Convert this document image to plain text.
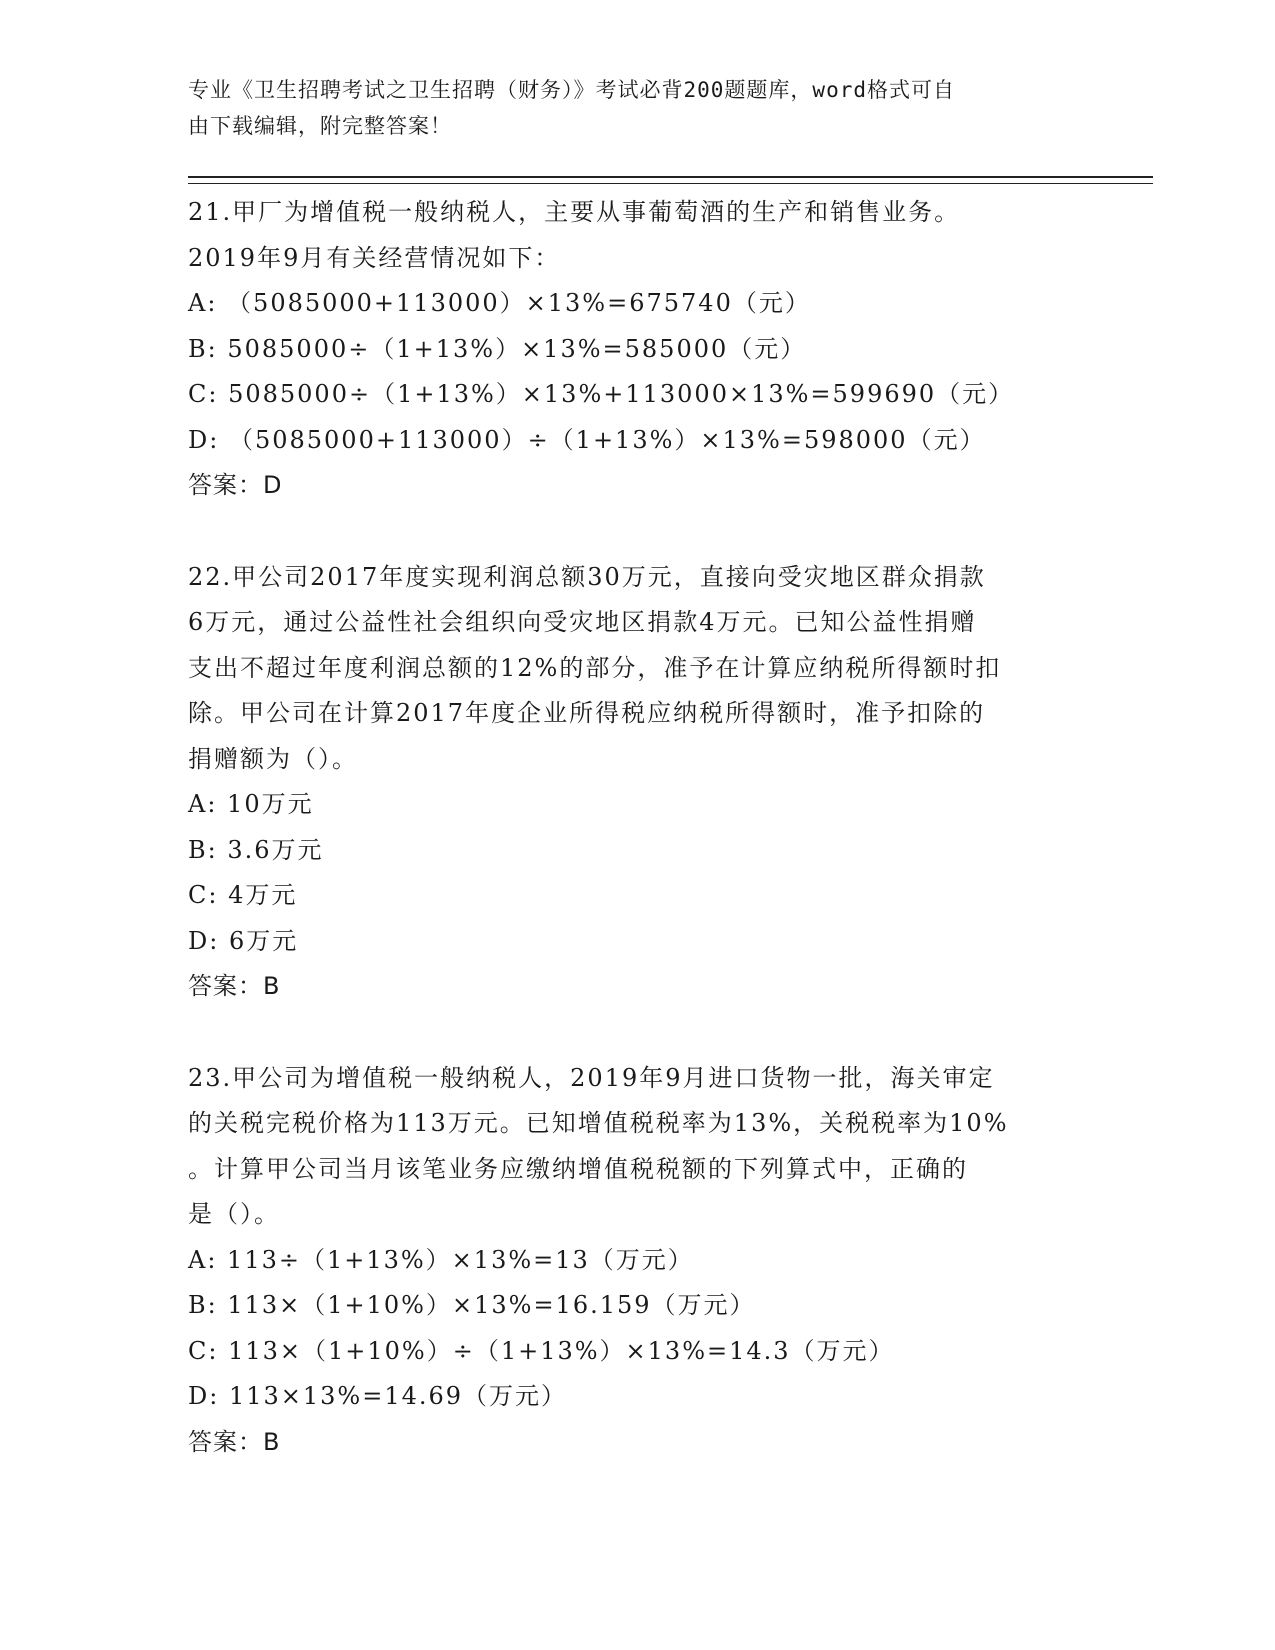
专业《卫生招聘考试之卫生招聘（财务）》考试必背200题题库，word格式可自
由下载编辑，附完整答案！

21.甲厂为增值税一般纳税人，主要从事葡萄酒的生产和销售业务。

2019年9月有关经营情况如下：

A: （5085000+113000）×13%=675740（元）

B: 5085000÷（1+13%）×13%=585000（元）

C: 5085000÷（1+13%）×13%+113000×13%=599690（元）

D: （5085000+113000）÷（1+13%）×13%=598000（元）

答案：D

22.甲公司2017年度实现利润总额30万元，直接向受灾地区群众捐款

6万元，通过公益性社会组织向受灾地区捐款4万元。已知公益性捐赠

支出不超过年度利润总额的12%的部分，准予在计算应纳税所得额时扣

除。甲公司在计算2017年度企业所得税应纳税所得额时，准予扣除的

捐赠额为（）。

A: 10万元

B: 3.6万元

C: 4万元

D: 6万元

答案：B

23.甲公司为增值税一般纳税人，2019年9月进口货物一批，海关审定

的关税完税价格为113万元。已知增值税税率为13%，关税税率为10%

。计算甲公司当月该笔业务应缴纳增值税税额的下列算式中，正确的

是（）。

A: 113÷（1+13%）×13%=13（万元）

B: 113×（1+10%）×13%=16.159（万元）

C: 113×（1+10%）÷（1+13%）×13%=14.3（万元）

D: 113×13%=14.69（万元）

答案：B
